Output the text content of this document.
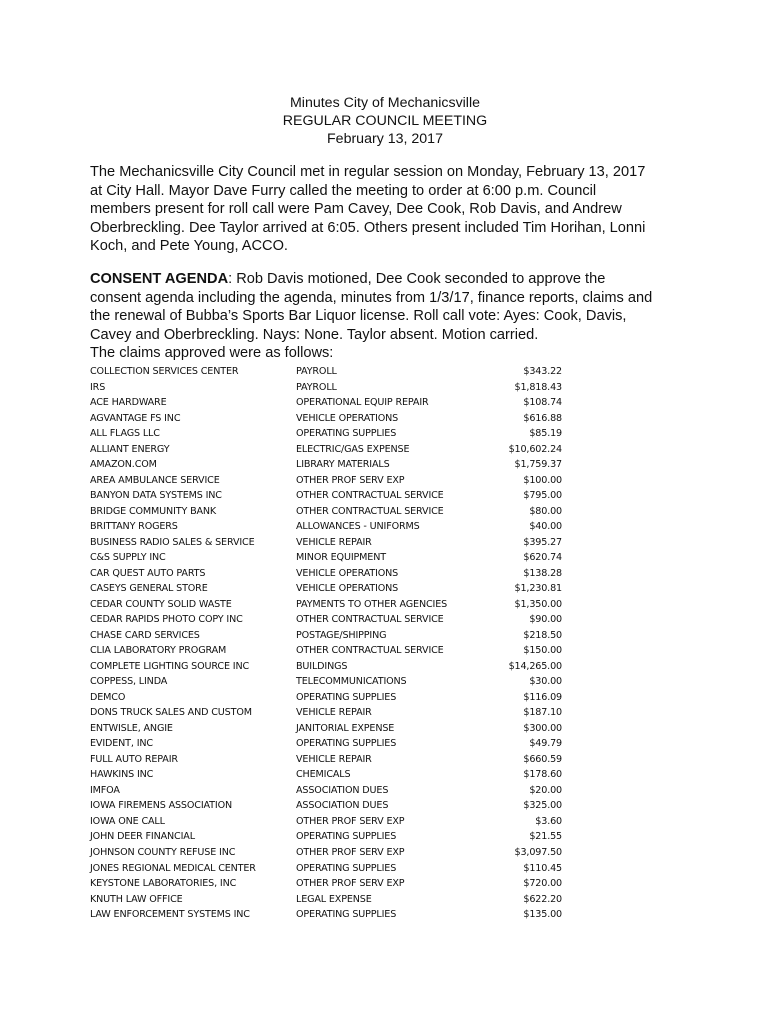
Minutes City of Mechanicsville
REGULAR COUNCIL MEETING
February 13, 2017
The Mechanicsville City Council met in regular session on Monday, February 13, 2017
at City Hall. Mayor Dave Furry called the meeting to order at 6:00 p.m. Council
members present for roll call were Pam Cavey, Dee Cook, Rob Davis, and Andrew
Oberbreckling. Dee Taylor arrived at 6:05. Others present included Tim Horihan, Lonni
Koch, and Pete Young, ACCO.
CONSENT AGENDA: Rob Davis motioned, Dee Cook seconded to approve the
consent agenda including the agenda, minutes from 1/3/17, finance reports, claims and
the renewal of Bubba’s Sports Bar Liquor license. Roll call vote: Ayes: Cook, Davis,
Cavey and Oberbreckling. Nays: None. Taylor absent. Motion carried.
The claims approved were as follows:
COLLECTION SERVICES CENTER	PAYROLL	$343.22
IRS	PAYROLL	$1,818.43
ACE HARDWARE	OPERATIONAL EQUIP REPAIR	$108.74
AGVANTAGE FS INC	VEHICLE OPERATIONS	$616.88
ALL FLAGS LLC	OPERATING SUPPLIES	$85.19
ALLIANT ENERGY	ELECTRIC/GAS EXPENSE	$10,602.24
AMAZON.COM	LIBRARY MATERIALS	$1,759.37
AREA AMBULANCE SERVICE	OTHER PROF SERV EXP	$100.00
BANYON DATA SYSTEMS INC	OTHER CONTRACTUAL SERVICE	$795.00
BRIDGE COMMUNITY BANK	OTHER CONTRACTUAL SERVICE	$80.00
BRITTANY ROGERS	ALLOWANCES - UNIFORMS	$40.00
BUSINESS RADIO SALES & SERVICE	VEHICLE REPAIR	$395.27
C&S SUPPLY INC	MINOR EQUIPMENT	$620.74
CAR QUEST AUTO PARTS	VEHICLE OPERATIONS	$138.28
CASEYS GENERAL STORE	VEHICLE OPERATIONS	$1,230.81
CEDAR COUNTY SOLID WASTE	PAYMENTS TO OTHER AGENCIES	$1,350.00
CEDAR RAPIDS PHOTO COPY INC	OTHER CONTRACTUAL SERVICE	$90.00
CHASE CARD SERVICES	POSTAGE/SHIPPING	$218.50
CLIA LABORATORY PROGRAM	OTHER CONTRACTUAL SERVICE	$150.00
COMPLETE LIGHTING SOURCE INC	BUILDINGS	$14,265.00
COPPESS, LINDA	TELECOMMUNICATIONS	$30.00
DEMCO	OPERATING SUPPLIES	$116.09
DONS TRUCK SALES AND CUSTOM	VEHICLE REPAIR	$187.10
ENTWISLE, ANGIE	JANITORIAL EXPENSE	$300.00
EVIDENT, INC	OPERATING SUPPLIES	$49.79
FULL AUTO REPAIR	VEHICLE REPAIR	$660.59
HAWKINS INC	CHEMICALS	$178.60
IMFOA	ASSOCIATION DUES	$20.00
IOWA FIREMENS ASSOCIATION	ASSOCIATION DUES	$325.00
IOWA ONE CALL	OTHER PROF SERV EXP	$3.60
JOHN DEER FINANCIAL	OPERATING SUPPLIES	$21.55
JOHNSON COUNTY REFUSE INC	OTHER PROF SERV EXP	$3,097.50
JONES REGIONAL MEDICAL CENTER	OPERATING SUPPLIES	$110.45
KEYSTONE LABORATORIES, INC	OTHER PROF SERV EXP	$720.00
KNUTH LAW OFFICE	LEGAL EXPENSE	$622.20
LAW ENFORCEMENT SYSTEMS INC	OPERATING SUPPLIES	$135.00
